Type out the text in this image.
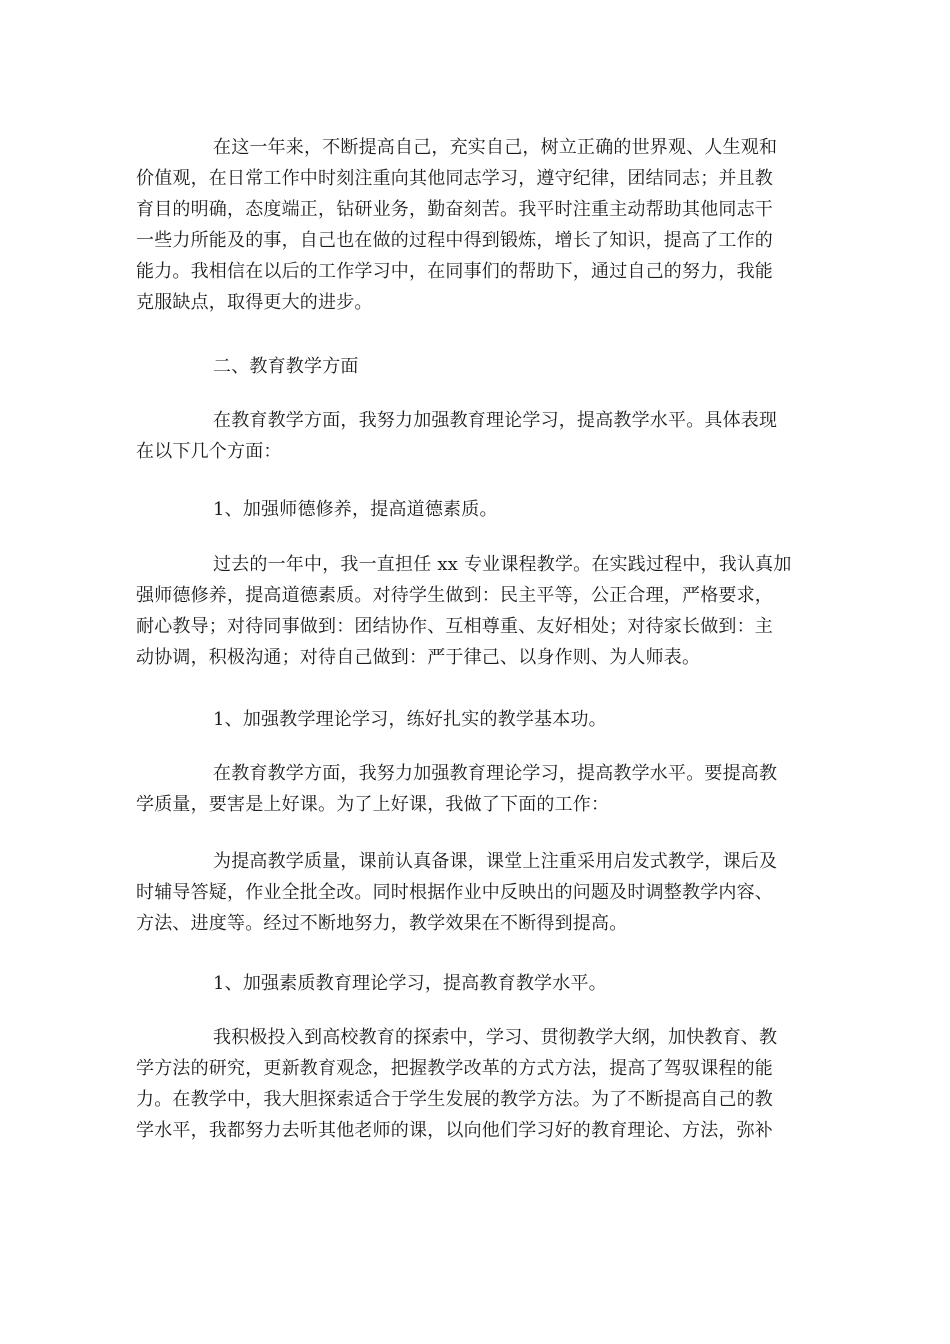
在这一年来，不断提高自己，充实自己，树立正确的世界观、人生观和
价值观，在日常工作中时刻注重向其他同志学习，遵守纪律，团结同志；并且教
育目的明确，态度端正，钻研业务，勤奋刻苦。我平时注重主动帮助其他同志干
一些力所能及的事，自己也在做的过程中得到锻炼，增长了知识，提高了工作的
能力。我相信在以后的工作学习中，在同事们的帮助下，通过自己的努力，我能
克服缺点，取得更大的进步。

二、教育教学方面

在教育教学方面，我努力加强教育理论学习，提高教学水平。具体表现
在以下几个方面：

1、加强师德修养，提高道德素质。

过去的一年中，我一直担任 xx 专业课程教学。在实践过程中，我认真加
强师德修养，提高道德素质。对待学生做到：民主平等，公正合理，严格要求，
耐心教导；对待同事做到：团结协作、互相尊重、友好相处；对待家长做到：主
动协调，积极沟通；对待自己做到：严于律己、以身作则、为人师表。

1、加强教学理论学习，练好扎实的教学基本功。

在教育教学方面，我努力加强教育理论学习，提高教学水平。要提高教
学质量，要害是上好课。为了上好课，我做了下面的工作：

为提高教学质量，课前认真备课，课堂上注重采用启发式教学，课后及
时辅导答疑，作业全批全改。同时根据作业中反映出的问题及时调整教学内容、
方法、进度等。经过不断地努力，教学效果在不断得到提高。

1、加强素质教育理论学习，提高教育教学水平。

我积极投入到高校教育的探索中，学习、贯彻教学大纲，加快教育、教
学方法的研究，更新教育观念，把握教学改革的方式方法，提高了驾驭课程的能
力。在教学中，我大胆探索适合于学生发展的教学方法。为了不断提高自己的教
学水平，我都努力去听其他老师的课，以向他们学习好的教育理论、方法，弥补
